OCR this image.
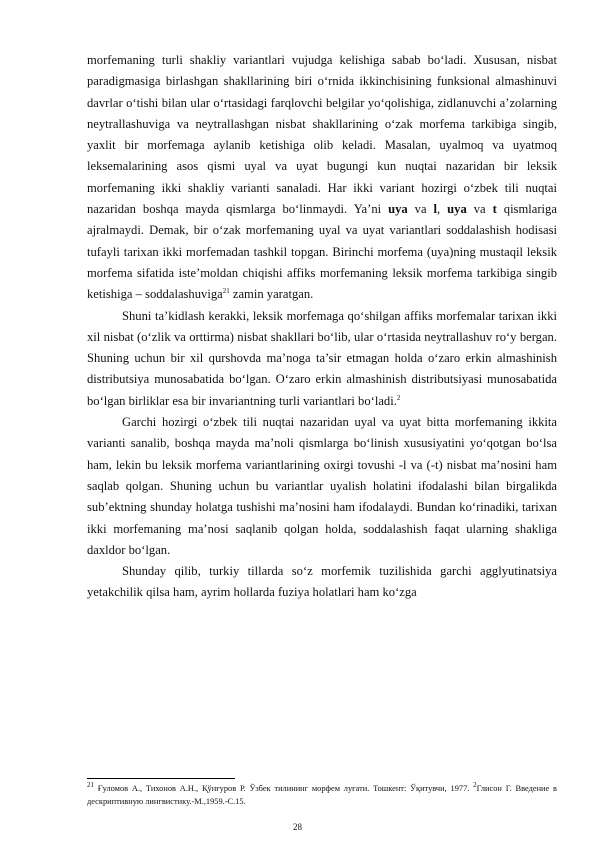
morfemaning turli shakliy variantlari vujudga kelishiga sabab bo‘ladi. Xususan, nisbat paradigmasiga birlashgan shakllarining biri o‘rnida ikkinchisining funksional almashinuvi davrlar o‘tishi bilan ular o‘rtasidagi farqlovchi belgilar yo‘qolishiga, zidlanuvchi a’zolarning neytrallashuviga va neytrallashgan nisbat shakllarining o‘zak morfema tarkibiga singib, yaxlit bir morfemaga aylanib ketishiga olib keladi. Masalan, uyalmoq va uyatmoq leksemalarining asos qismi uyal va uyat bugungi kun nuqtai nazaridan bir leksik morfemaning ikki shakliy varianti sanaladi. Har ikki variant hozirgi o‘zbek tili nuqtai nazaridan boshqa mayda qismlarga bo‘linmaydi. Ya’ni uya va l, uya va t qismlariga ajralmaydi. Demak, bir o‘zak morfemaning uyal va uyat variantlari soddalashish hodisasi tufayli tarixan ikki morfemadan tashkil topgan. Birinchi morfema (uya)ning mustaqil leksik morfema sifatida iste’moldan chiqishi affiks morfemaning leksik morfema tarkibiga singib ketishiga – soddalashuviga$^{21}$ zamin yaratgan.

Shuni ta’kidlash kerakki, leksik morfemaga qo‘shilgan affiks morfemalar tarixan ikki xil nisbat (o‘zlik va orttirma) nisbat shakllari bo‘lib, ular o‘rtasida neytrallashuv ro‘y bergan. Shuning uchun bir xil qurshovda ma’noga ta’sir etmagan holda o‘zaro erkin almashinish distributsiya munosabatida bo‘lgan. O‘zaro erkin almashinish distributsiyasi munosabatida bo‘lgan birliklar esa bir invariantning turli variantlari bo‘ladi.$^2$

Garchi hozirgi o‘zbek tili nuqtai nazaridan uyal va uyat bitta morfemaning ikkita varianti sanalib, boshqa mayda ma’noli qismlarga bo‘linish xususiyatini yo‘qotgan bo‘lsa ham, lekin bu leksik morfema variantlarining oxirgi tovushi -l va (-t) nisbat ma’nosini ham saqlab qolgan. Shuning uchun bu variantlar uyalish holatini ifodalashi bilan birgalikda sub’ektning shunday holatga tushishi ma’nosini ham ifodalaydi. Bundan ko‘rinadiki, tarixan ikki morfemaning ma’nosi saqlanib qolgan holda, soddalashish faqat ularning shakliga daxldor bo‘lgan.

Shunday qilib, turkiy tillarda so‘z morfemik tuzilishida garchi agglyutinatsiya yetakchilik qilsa ham, ayrim hollarda fuziya holatlari ham ko‘zga

$^{21}$ Ғуломов А., Тихонов А.Н., Қўнғуров Р. Ўзбек тилининг морфем луғати. Тошкент: Ўқитувчи, 1977. $^2$Глисон Г. Введение в дескриптивную лингвистику.-М.,1959.-С.15.
28
